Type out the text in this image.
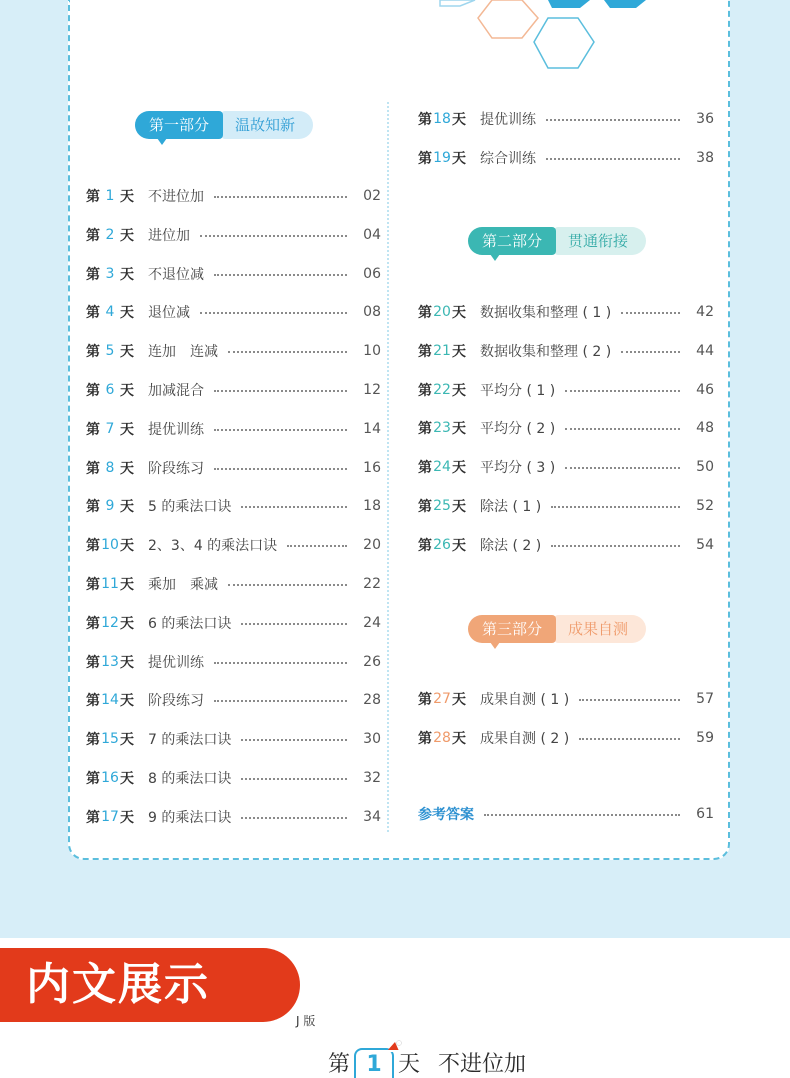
第一部分	温故知新
第二部分	贯通衔接
第三部分	成果自测
第 1 天 不进位加	02
第 2 天 进位加	04
第 3 天 不退位减	06
第 4 天 退位减	08
第 5 天 连加　连减	10
第 6 天 加减混合	12
第 7 天 提优训练	14
第 8 天 阶段练习	16
第 9 天 5 的乘法口诀	18
第 10 天 2、3、4 的乘法口诀	20
第 11 天 乘加　乘减	22
第 12 天 6 的乘法口诀	24
第 13 天 提优训练	26
第 14 天 阶段练习	28
第 15 天 7 的乘法口诀	30
第 16 天 8 的乘法口诀	32
第 17 天 9 的乘法口诀	34
第 18 天 提优训练	36
第 19 天 综合训练	38
第 20 天 数据收集和整理 ( 1 )	42
第 21 天 数据收集和整理 ( 2 )	44
第 22 天 平均分 ( 1 )	46
第 23 天 平均分 ( 2 )	48
第 24 天 平均分 ( 3 )	50
第 25 天 除法 ( 1 )	52
第 26 天 除法 ( 2 )	54
第 27 天 成果自测 ( 1 )	57
第 28 天 成果自测 ( 2 )	59
参考答案	61
内文展示
J 版
第 1 天 不进位加
